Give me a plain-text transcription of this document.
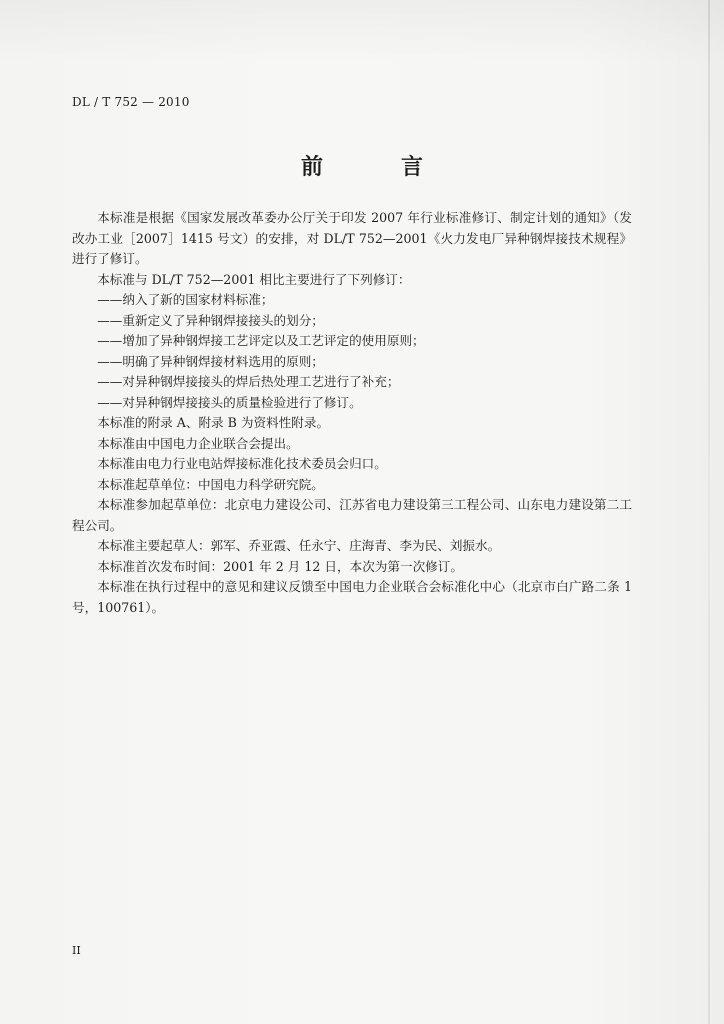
DL / T 752 — 2010
前　言

本标准是根据《国家发展改革委办公厅关于印发 2007 年行业标准修订、制定计划的通知》（发改办工业［2007］1415 号文）的安排，对 DL/T 752—2001《火力发电厂异种钢焊接技术规程》进行了修订。

本标准与 DL/T 752—2001 相比主要进行了下列修订：

——纳入了新的国家材料标准；

——重新定义了异种钢焊接接头的划分；

——增加了异种钢焊接工艺评定以及工艺评定的使用原则；

——明确了异种钢焊接材料选用的原则；

——对异种钢焊接接头的焊后热处理工艺进行了补充；

——对异种钢焊接接头的质量检验进行了修订。

本标准的附录 A、附录 B 为资料性附录。

本标准由中国电力企业联合会提出。

本标准由电力行业电站焊接标准化技术委员会归口。

本标准起草单位：中国电力科学研究院。

本标准参加起草单位：北京电力建设公司、江苏省电力建设第三工程公司、山东电力建设第二工程公司。

本标准主要起草人：郭军、乔亚霞、任永宁、庄海青、李为民、刘振水。

本标准首次发布时间：2001 年 2 月 12 日，本次为第一次修订。

本标准在执行过程中的意见和建议反馈至中国电力企业联合会标准化中心（北京市白广路二条 1 号，100761）。

II
